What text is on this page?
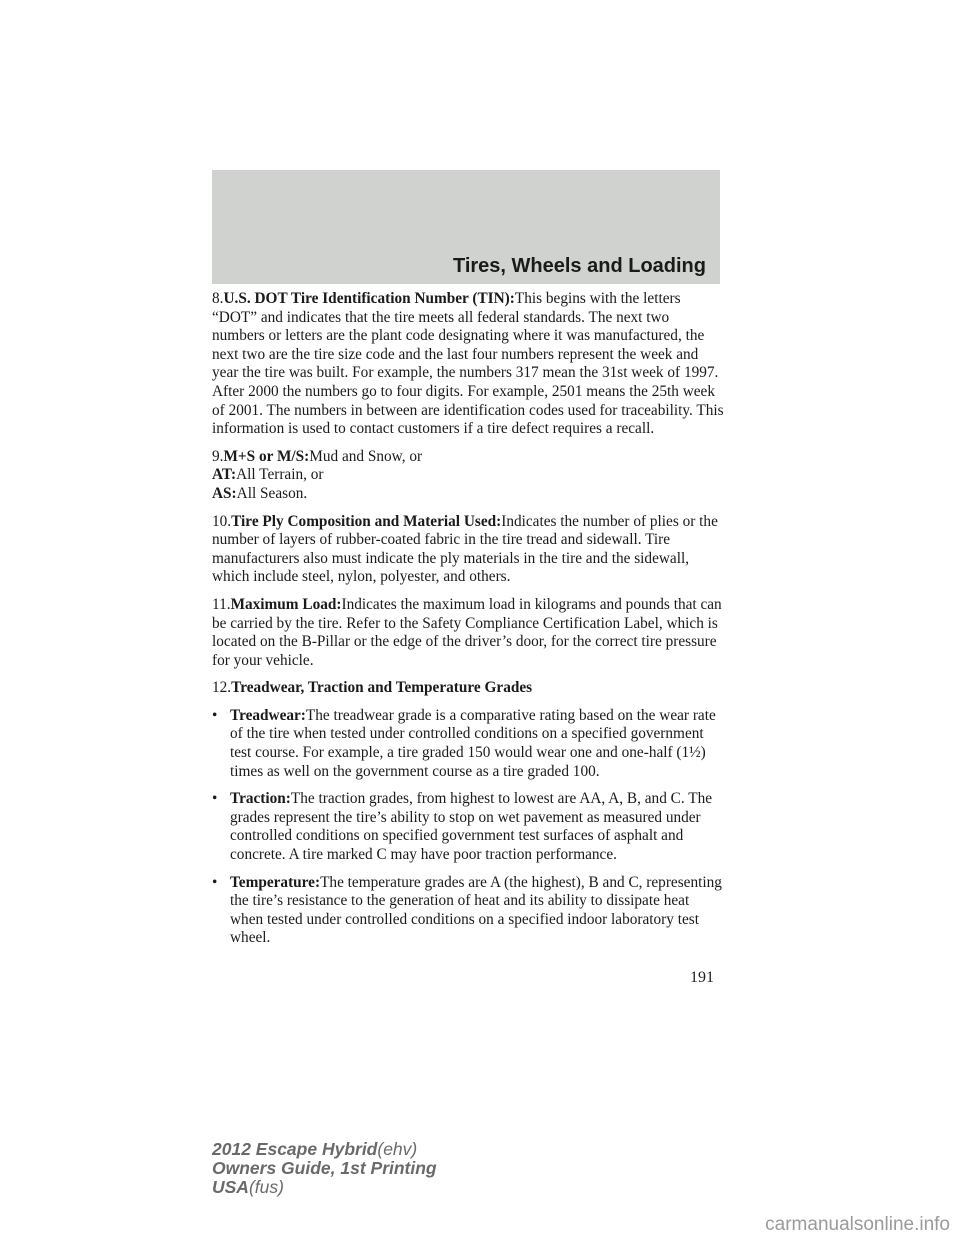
Tires, Wheels and Loading

8.U.S. DOT Tire Identification Number (TIN):This begins with the letters “DOT” and indicates that the tire meets all federal standards. The next two numbers or letters are the plant code designating where it was manufactured, the next two are the tire size code and the last four numbers represent the week and year the tire was built. For example, the numbers 317 mean the 31st week of 1997. After 2000 the numbers go to four digits. For example, 2501 means the 25th week of 2001. The numbers in between are identification codes used for traceability. This information is used to contact customers if a tire defect requires a recall.

9.M+S or M/S:Mud and Snow, or

AT:All Terrain, or

AS:All Season.

10.Tire Ply Composition and Material Used:Indicates the number of plies or the number of layers of rubber-coated fabric in the tire tread and sidewall. Tire manufacturers also must indicate the ply materials in the tire and the sidewall, which include steel, nylon, polyester, and others.

11.Maximum Load:Indicates the maximum load in kilograms and pounds that can be carried by the tire. Refer to the Safety Compliance Certification Label, which is located on the B-Pillar or the edge of the driver’s door, for the correct tire pressure for your vehicle.

12.Treadwear, Traction and Temperature Grades

• Treadwear:The treadwear grade is a comparative rating based on the wear rate of the tire when tested under controlled conditions on a specified government test course. For example, a tire graded 150 would wear one and one-half (1½) times as well on the government course as a tire graded 100.
• Traction:The traction grades, from highest to lowest are AA, A, B, and C. The grades represent the tire’s ability to stop on wet pavement as measured under controlled conditions on specified government test surfaces of asphalt and concrete. A tire marked C may have poor traction performance.
• Temperature:The temperature grades are A (the highest), B and C, representing the tire’s resistance to the generation of heat and its ability to dissipate heat when tested under controlled conditions on a specified indoor laboratory test wheel.
191
2012 Escape Hybrid(ehv)
Owners Guide, 1st Printing
USA(fus)
carmanualsonline.info
